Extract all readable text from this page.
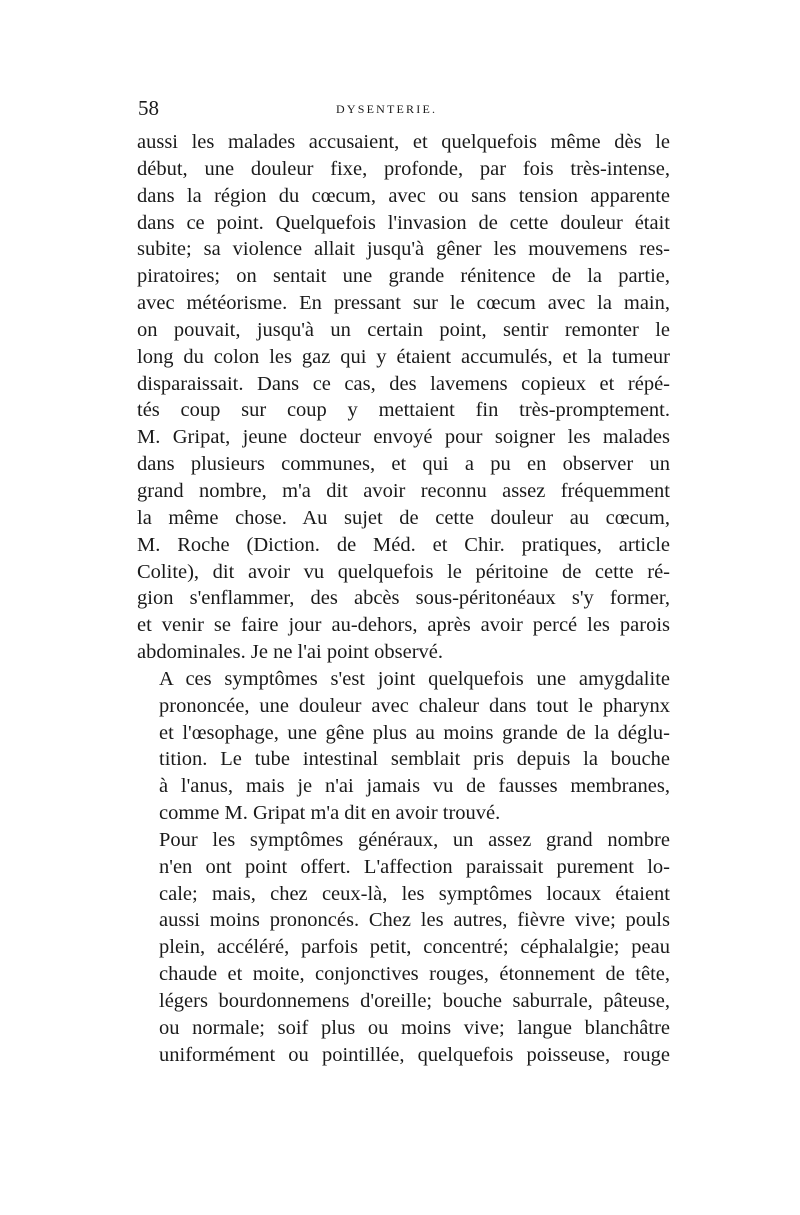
58	DYSENTERIE.

aussi les malades accusaient, et quelquefois même dès le
début, une douleur fixe, profonde, par fois très-intense,
dans la région du cœcum, avec ou sans tension apparente
dans ce point. Quelquefois l'invasion de cette douleur était
subite; sa violence allait jusqu'à gêner les mouvemens res-
piratoires; on sentait une grande rénitence de la partie,
avec météorisme. En pressant sur le cœcum avec la main,
on pouvait, jusqu'à un certain point, sentir remonter le
long du colon les gaz qui y étaient accumulés, et la tumeur
disparaissait. Dans ce cas, des lavemens copieux et répé-
tés coup sur coup y mettaient fin très-promptement.
M. Gripat, jeune docteur envoyé pour soigner les malades
dans plusieurs communes, et qui a pu en observer un
grand nombre, m'a dit avoir reconnu assez fréquemment
la même chose. Au sujet de cette douleur au cœcum,
M. Roche (Diction. de Méd. et Chir. pratiques, article
Colite), dit avoir vu quelquefois le péritoine de cette ré-
gion s'enflammer, des abcès sous-péritonéaux s'y former,
et venir se faire jour au-dehors, après avoir percé les parois
abdominales. Je ne l'ai point observé.

A ces symptômes s'est joint quelquefois une amygdalite
prononcée, une douleur avec chaleur dans tout le pharynx
et l'œsophage, une gêne plus au moins grande de la déglu-
tition. Le tube intestinal semblait pris depuis la bouche
à l'anus, mais je n'ai jamais vu de fausses membranes,
comme M. Gripat m'a dit en avoir trouvé.

Pour les symptômes généraux, un assez grand nombre
n'en ont point offert. L'affection paraissait purement lo-
cale; mais, chez ceux-là, les symptômes locaux étaient
aussi moins prononcés. Chez les autres, fièvre vive; pouls
plein, accéléré, parfois petit, concentré; céphalalgie; peau
chaude et moite, conjonctives rouges, étonnement de tête,
légers bourdonnemens d'oreille; bouche saburrale, pâteuse,
ou normale; soif plus ou moins vive; langue blanchâtre
uniformément ou pointillée, quelquefois poisseuse, rouge
